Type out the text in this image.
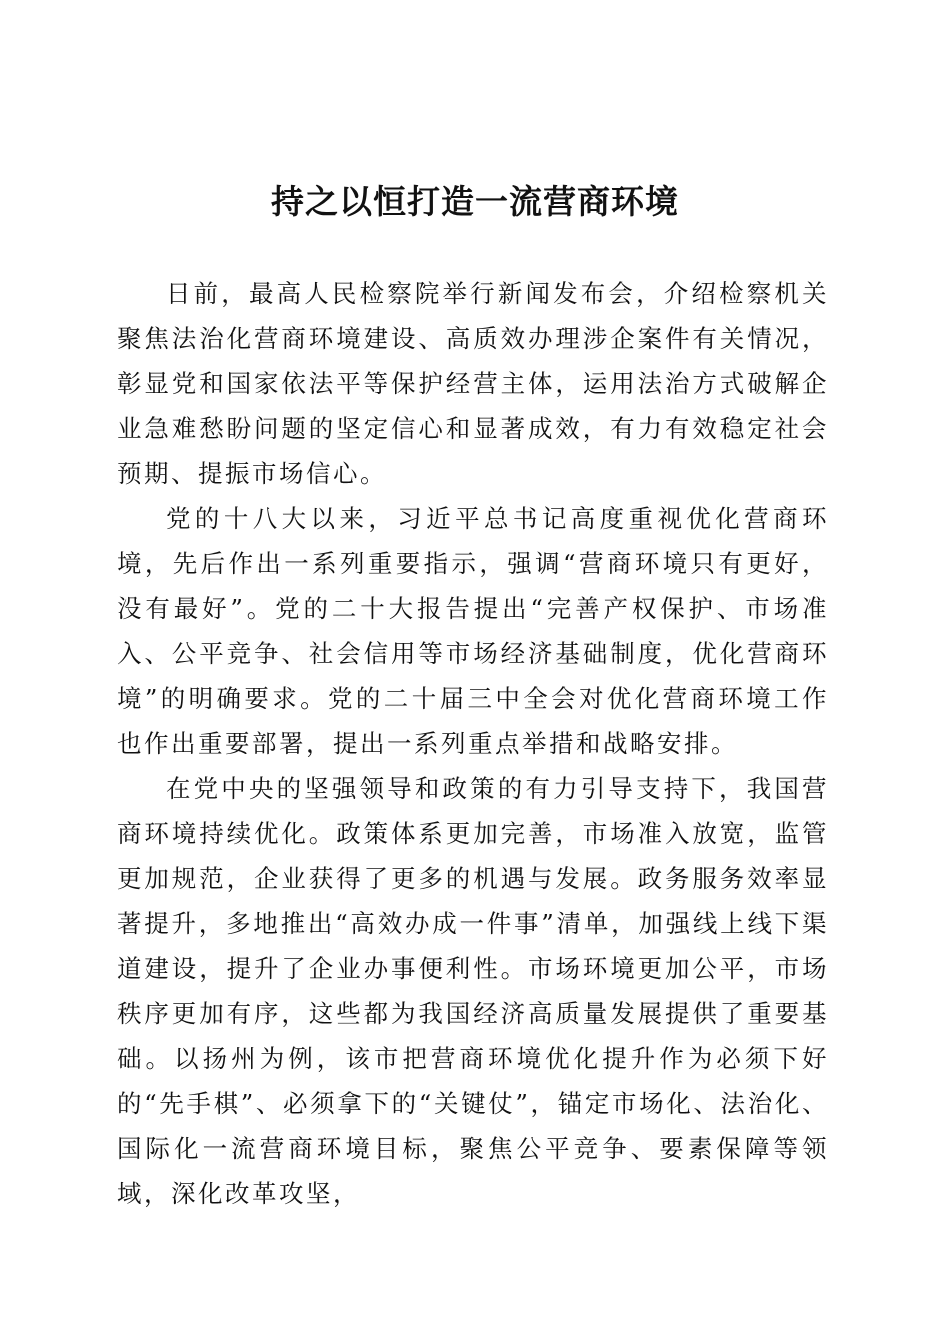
持之以恒打造一流营商环境

日前，最高人民检察院举行新闻发布会，介绍检察机关聚焦法治化营商环境建设、高质效办理涉企案件有关情况，彰显党和国家依法平等保护经营主体，运用法治方式破解企业急难愁盼问题的坚定信心和显著成效，有力有效稳定社会预期、提振市场信心。

党的十八大以来，习近平总书记高度重视优化营商环境，先后作出一系列重要指示，强调“营商环境只有更好，没有最好”。党的二十大报告提出“完善产权保护、市场准入、公平竞争、社会信用等市场经济基础制度，优化营商环境”的明确要求。党的二十届三中全会对优化营商环境工作也作出重要部署，提出一系列重点举措和战略安排。

在党中央的坚强领导和政策的有力引导支持下，我国营商环境持续优化。政策体系更加完善，市场准入放宽，监管更加规范，企业获得了更多的机遇与发展。政务服务效率显著提升，多地推出“高效办成一件事”清单，加强线上线下渠道建设，提升了企业办事便利性。市场环境更加公平，市场秩序更加有序，这些都为我国经济高质量发展提供了重要基础。以扬州为例，该市把营商环境优化提升作为必须下好的“先手棋”、必须拿下的“关键仗”，锚定市场化、法治化、国际化一流营商环境目标，聚焦公平竞争、要素保障等领域，深化改革攻坚，
